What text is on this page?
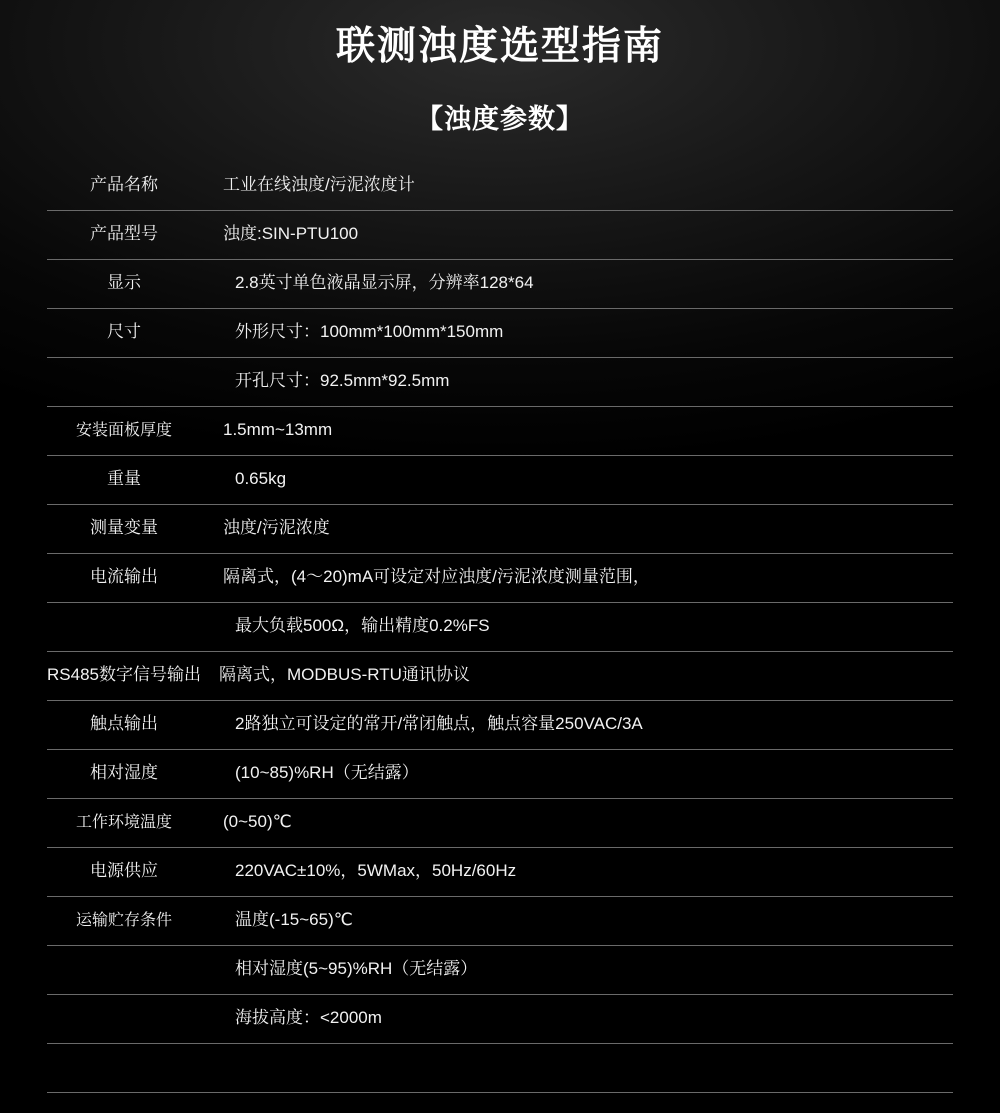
联测浊度选型指南
【浊度参数】
产品名称	工业在线浊度/污泥浓度计
产品型号	浊度:SIN-PTU100
显示	2.8英寸单色液晶显示屏，分辨率128*64
尺寸	外形尺寸：100mm*100mm*150mm
	开孔尺寸：92.5mm*92.5mm
安装面板厚度	1.5mm~13mm
重量	0.65kg
测量变量	浊度/污泥浓度
电流输出	隔离式，(4～20)mA可设定对应浊度/污泥浓度测量范围，
	最大负载500Ω，输出精度0.2%FS
RS485数字信号输出	隔离式，MODBUS-RTU通讯协议
触点输出	2路独立可设定的常开/常闭触点，触点容量250VAC/3A
相对湿度	(10~85)%RH（无结露）
工作环境温度	(0~50)℃
电源供应	220VAC±10%，5WMax，50Hz/60Hz
运输贮存条件	温度(-15~65)℃
	相对湿度(5~95)%RH（无结露）
	海拔高度：<2000m
